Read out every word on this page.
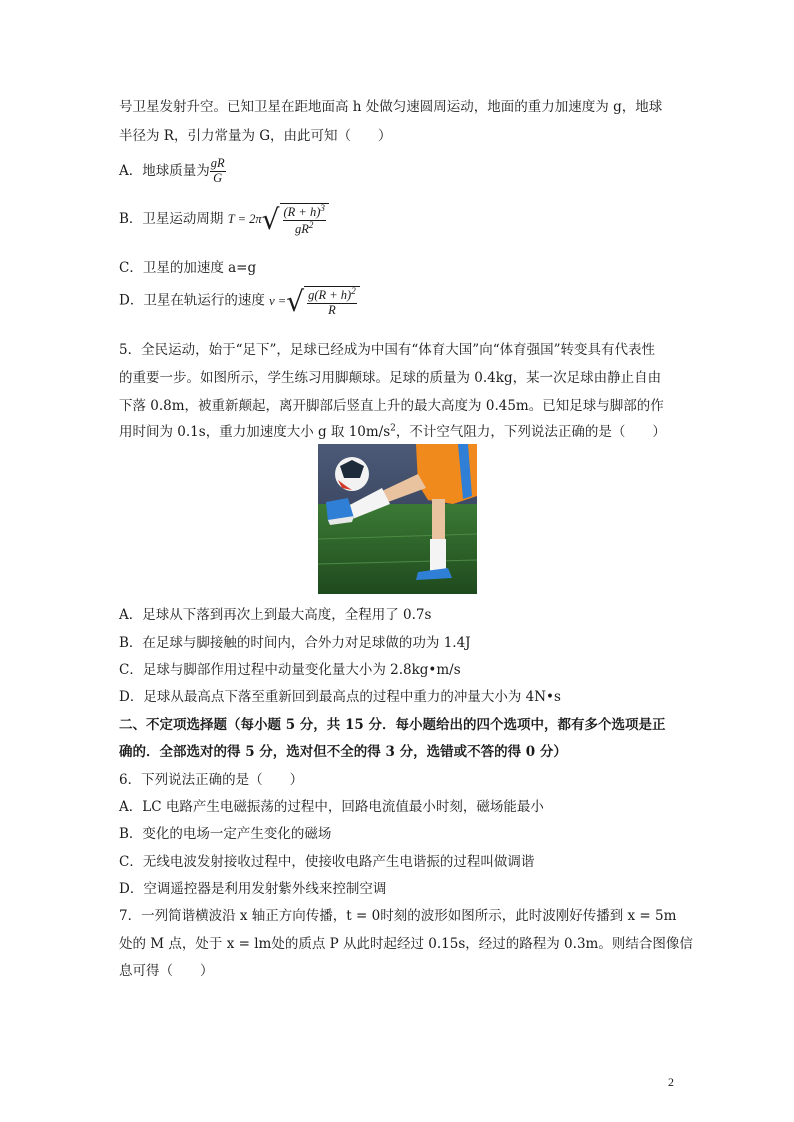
号卫星发射升空。已知卫星在距地面高 h 处做匀速圆周运动，地面的重力加速度为 g，地球
半径为 R，引力常量为 G，由此可知（　　）
A．地球质量为 $\frac{gR}{G}$
B．卫星运动周期 $T = 2\pi√ \frac{(R + h)^3}{gR^2}$
C．卫星的加速度 a=g
D．卫星在轨运行的速度 v =√ $\frac{g(R + h)^2}{R}$
5．全民运动，始于“足下”，足球已经成为中国有“体育大国”向“体育强国”转变具有代表性
的重要一步。如图所示，学生练习用脚颠球。足球的质量为 0.4kg，某一次足球由静止自由
下落 0.8m，被重新颠起，离开脚部后竖直上升的最大高度为 0.45m。已知足球与脚部的作
用时间为 0.1s，重力加速度大小 g 取 $10m/s^2$，不计空气阻力，下列说法正确的是（　　）
A．足球从下落到再次上到最大高度，全程用了 0.7s
B．在足球与脚接触的时间内，合外力对足球做的功为 1.4J
C．足球与脚部作用过程中动量变化量大小为 2.8kg•m/s
D．足球从最高点下落至重新回到最高点的过程中重力的冲量大小为 4N•s
二、不定项选择题（每小题 5 分，共 15 分．每小题给出的四个选项中，都有多个选项是正
确的．全部选对的得 5 分，选对但不全的得 3 分，选错或不答的得 0 分）
6．下列说法正确的是（　　）
A．LC 电路产生电磁振荡的过程中，回路电流值最小时刻，磁场能最小
B．变化的电场一定产生变化的磁场
C．无线电波发射接收过程中，使接收电路产生电谐振的过程叫做调谐
D．空调遥控器是利用发射紫外线来控制空调
7．一列简谐横波沿 x 轴正方向传播，t = 0时刻的波形如图所示，此时波刚好传播到 x = 5m
处的 M 点，处于 x = lm处的质点 P 从此时起经过 0.15s，经过的路程为 0.3m。则结合图像信
息可得（　　）
2
